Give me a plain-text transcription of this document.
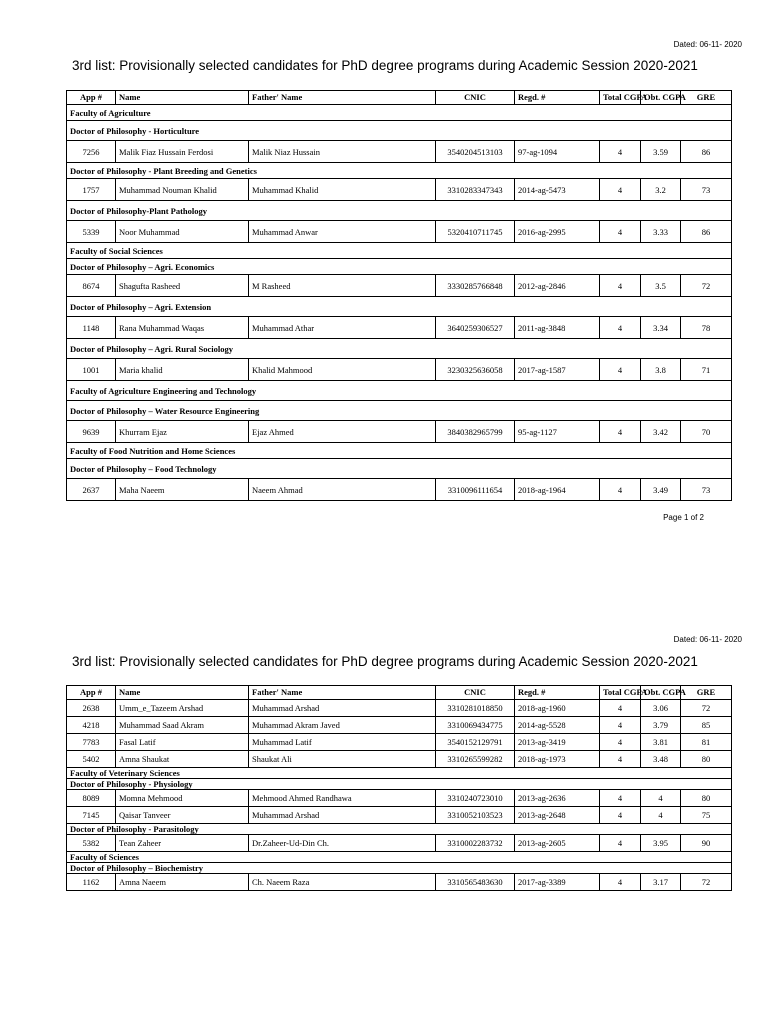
Dated: 06-11- 2020
3rd list: Provisionally selected candidates for PhD degree programs during Academic Session 2020-2021
App #	Name	Father' Name	CNIC	Regd. #	Total CGPA	Obt. CGPA	GRE
Faculty of Agriculture							
Doctor of Philosophy - Horticulture							
7256	Malik Fiaz Hussain Ferdosi	Malik Niaz Hussain	3540204513103	97-ag-1094	4	3.59	86
Doctor of Philosophy - Plant Breeding and Genetics							
1757	Muhammad Nouman Khalid	Muhammad Khalid	3310283347343	2014-ag-5473	4	3.2	73
Doctor of Philosophy-Plant Pathology							
5339	Noor Muhammad	Muhammad Anwar	5320410711745	2016-ag-2995	4	3.33	86
Faculty of Social Sciences							
Doctor of Philosophy – Agri. Economics							
8674	Shagufta Rasheed	M Rasheed	3330285766848	2012-ag-2846	4	3.5	72
Doctor of Philosophy – Agri. Extension							
1148	Rana Muhammad Waqas	Muhammad Athar	3640259306527	2011-ag-3848	4	3.34	78
Doctor of Philosophy – Agri. Rural Sociology							
1001	Maria khalid	Khalid Mahmood	3230325636058	2017-ag-1587	4	3.8	71
Faculty of Agriculture Engineering and Technology							
Doctor of Philosophy – Water Resource Engineering							
9639	Khurram Ejaz	Ejaz Ahmed	3840382965799	95-ag-1127	4	3.42	70
Faculty of Food Nutrition and Home Sciences							
Doctor of Philosophy – Food Technology							
2637	Maha Naeem	Naeem Ahmad	3310096111654	2018-ag-1964	4	3.49	73
Page 1 of 2
Dated: 06-11- 2020
3rd list: Provisionally selected candidates for PhD degree programs during Academic Session 2020-2021
App #	Name	Father' Name	CNIC	Regd. #	Total CGPA	Obt. CGPA	GRE
2638	Umm_e_Tazeem Arshad	Muhammad Arshad	3310281018850	2018-ag-1960	4	3.06	72
4218	Muhammad Saad Akram	Muhammad Akram Javed	3310069434775	2014-ag-5528	4	3.79	85
7783	Fasal Latif	Muhammad Latif	3540152129791	2013-ag-3419	4	3.81	81
5402	Amna Shaukat	Shaukat Ali	3310265599282	2018-ag-1973	4	3.48	80
Faculty of Veterinary Sciences							
Doctor of Philosophy - Physiology							
8089	Momna Mehmood	Mehmood Ahmed Randhawa	3310240723010	2013-ag-2636	4	4	80
7145	Qaisar Tanveer	Muhammad Arshad	3310052103523	2013-ag-2648	4	4	75
Doctor of Philosophy - Parasitology							
5382	Tean Zaheer	Dr.Zaheer-Ud-Din Ch.	3310002283732	2013-ag-2605	4	3.95	90
Faculty of Sciences							
Doctor of Philosophy – Biochemistry							
1162	Amna Naeem	Ch. Naeem Raza	3310565483630	2017-ag-3389	4	3.17	72
